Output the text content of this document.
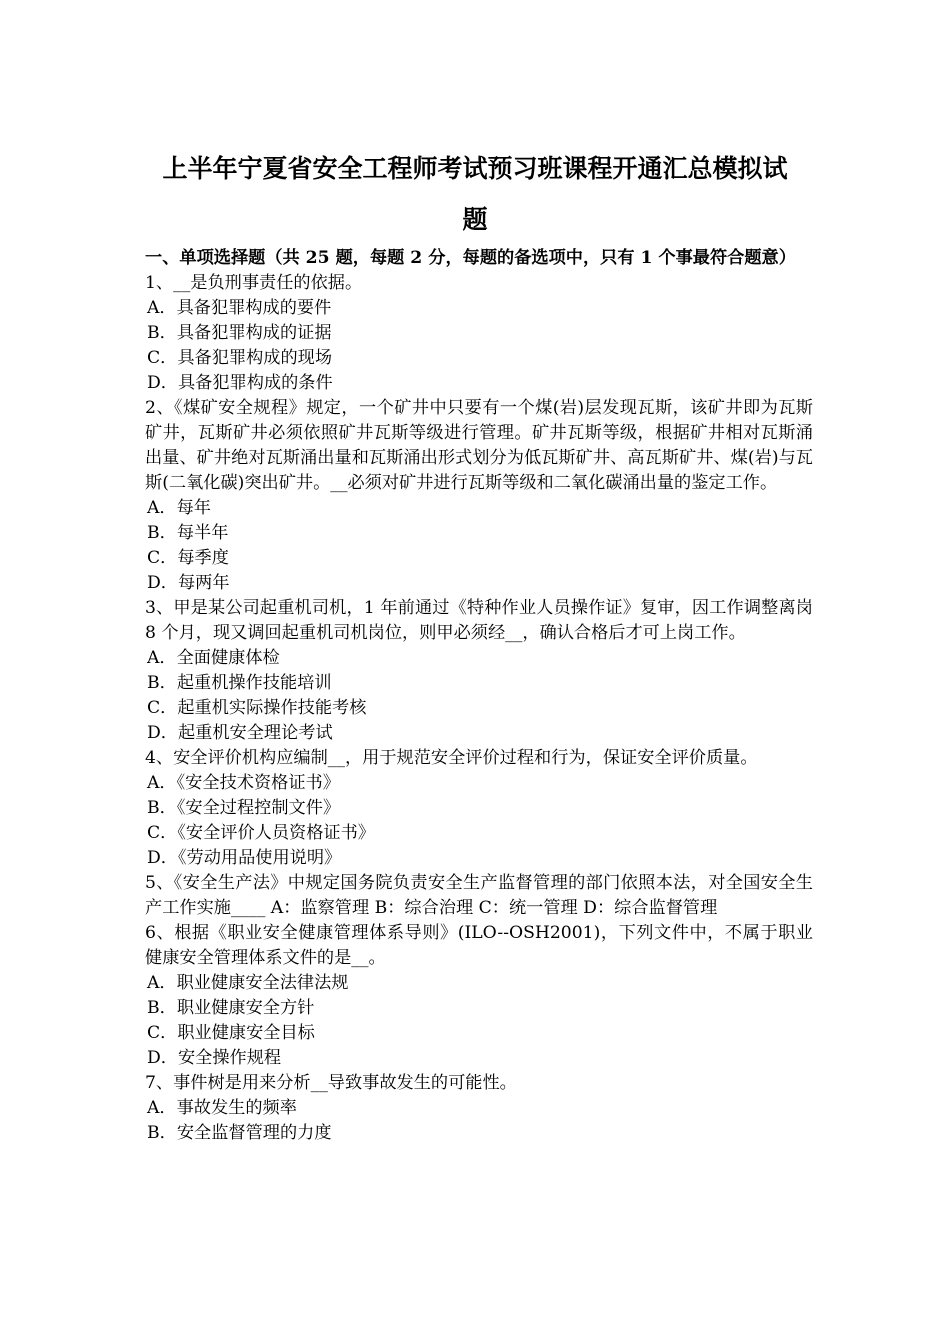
上半年宁夏省安全工程师考试预习班课程开通汇总模拟试
题

一、单项选择题（共 25 题，每题 2 分，每题的备选项中，只有 1 个事最符合题意）

1、__是负刑事责任的依据。

A．具备犯罪构成的要件

B．具备犯罪构成的证据

C．具备犯罪构成的现场

D．具备犯罪构成的条件

2、《煤矿安全规程》规定，一个矿井中只要有一个煤(岩)层发现瓦斯，该矿井即为瓦斯矿井，瓦斯矿井必须依照矿井瓦斯等级进行管理。矿井瓦斯等级，根据矿井相对瓦斯涌出量、矿井绝对瓦斯涌出量和瓦斯涌出形式划分为低瓦斯矿井、高瓦斯矿井、煤(岩)与瓦斯(二氧化碳)突出矿井。__必须对矿井进行瓦斯等级和二氧化碳涌出量的鉴定工作。

A．每年

B．每半年

C．每季度

D．每两年

3、甲是某公司起重机司机，1 年前通过《特种作业人员操作证》复审，因工作调整离岗 8 个月，现又调回起重机司机岗位，则甲必须经__，确认合格后才可上岗工作。

A．全面健康体检

B．起重机操作技能培训

C．起重机实际操作技能考核

D．起重机安全理论考试

4、安全评价机构应编制__，用于规范安全评价过程和行为，保证安全评价质量。

A．《安全技术资格证书》

B．《安全过程控制文件》

C．《安全评价人员资格证书》

D．《劳动用品使用说明》

5、《安全生产法》中规定国务院负责安全生产监督管理的部门依照本法，对全国安全生产工作实施____ A：监察管理 B：综合治理 C：统一管理 D：综合监督管理

6、根据《职业安全健康管理体系导则》(ILO--OSH2001)，下列文件中，不属于职业健康安全管理体系文件的是__。

A．职业健康安全法律法规

B．职业健康安全方针

C．职业健康安全目标

D．安全操作规程

7、事件树是用来分析__导致事故发生的可能性。

A．事故发生的频率

B．安全监督管理的力度
